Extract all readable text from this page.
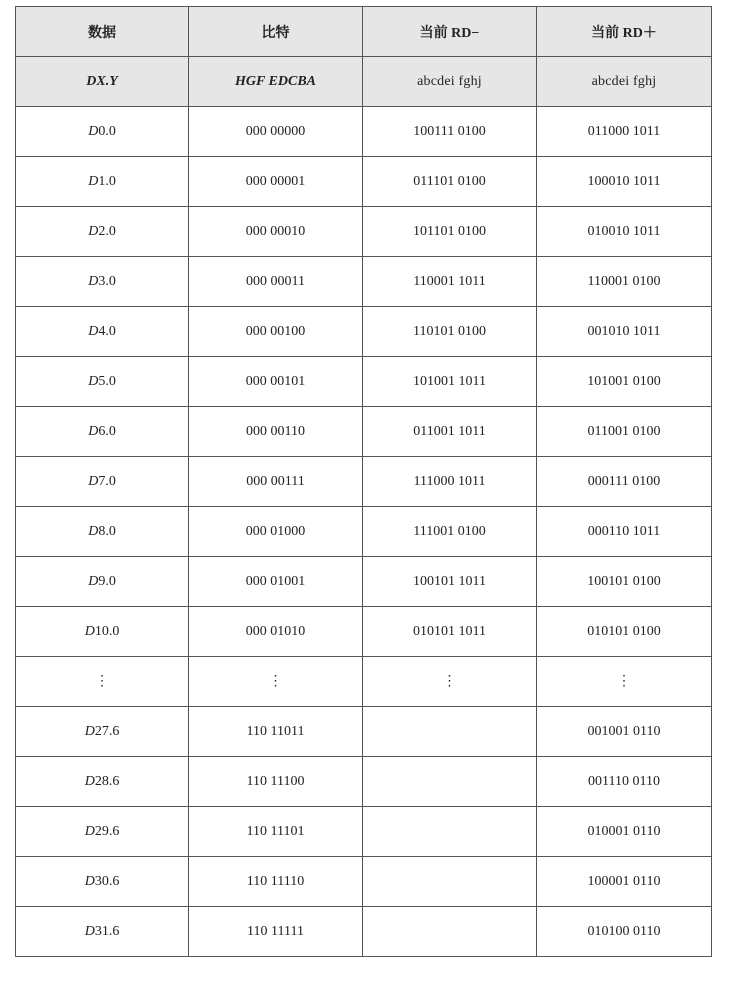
数据	比特	当前 RD−	当前 RD＋
DX.Y	HGF EDCBA	abcdei fghj	abcdei fghj
D0.0	000 00000	100111 0100	011000 1011
D1.0	000 00001	011101 0100	100010 1011
D2.0	000 00010	101101 0100	010010 1011
D3.0	000 00011	110001 1011	110001 0100
D4.0	000 00100	110101 0100	001010 1011
D5.0	000 00101	101001 1011	101001 0100
D6.0	000 00110	011001 1011	011001 0100
D7.0	000 00111	111000 1011	000111 0100
D8.0	000 01000	111001 0100	000110 1011
D9.0	000 01001	100101 1011	100101 0100
D10.0	000 01010	010101 1011	010101 0100
⋮	⋮	⋮	⋮
D27.6	110 11011		001001 0110
D28.6	110 11100		001110 0110
D29.6	110 11101		010001 0110
D30.6	110 11110		100001 0110
D31.6	110 11111		010100 0110
